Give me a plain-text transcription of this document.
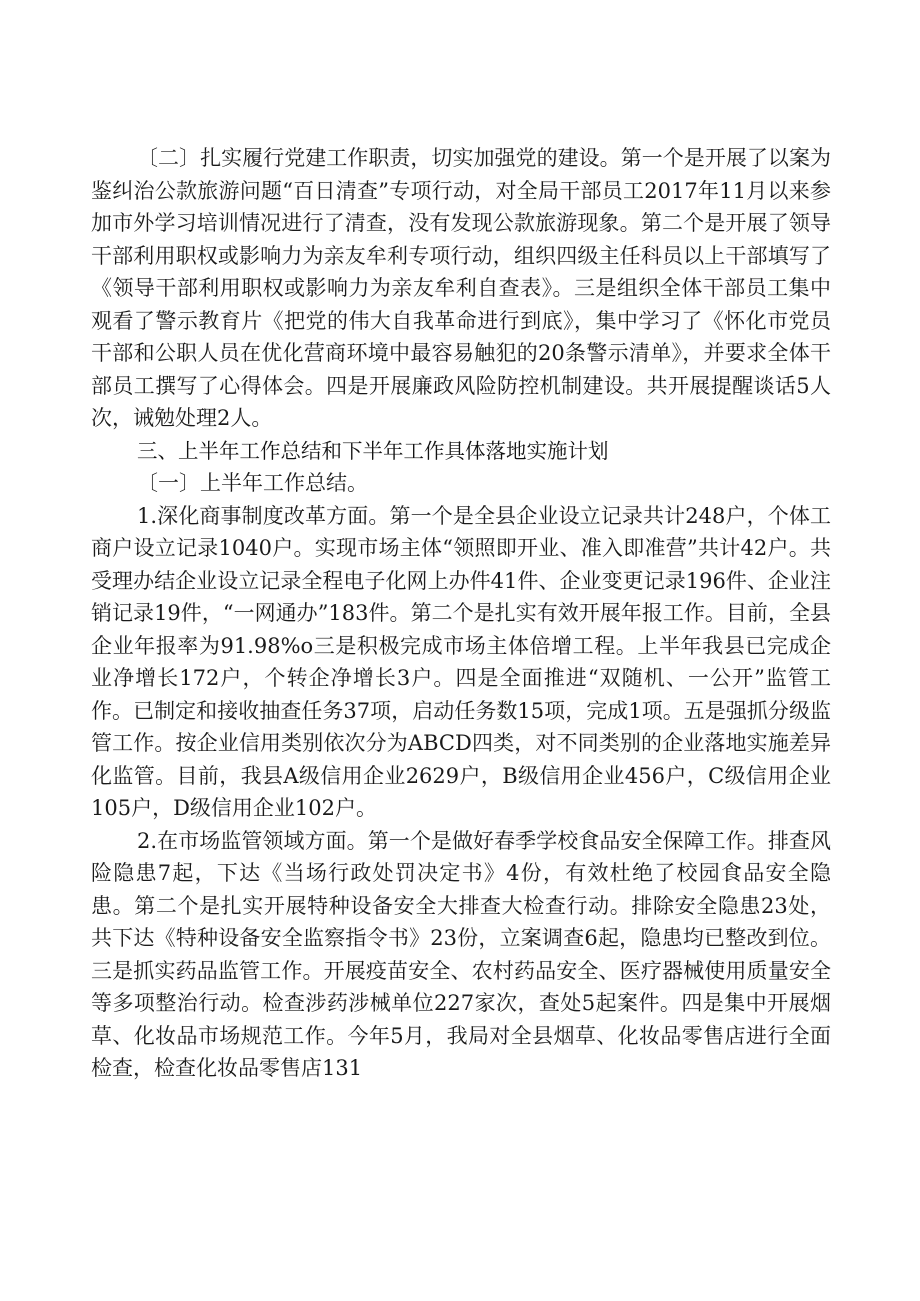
〔二〕扎实履行党建工作职责，切实加强党的建设。第一个是开展了以案为鉴纠治公款旅游问题“百日清查”专项行动，对全局干部员工2017年11月以来参加市外学习培训情况进行了清查，没有发现公款旅游现象。第二个是开展了领导干部利用职权或影响力为亲友牟利专项行动，组织四级主任科员以上干部填写了《领导干部利用职权或影响力为亲友牟利自查表》。三是组织全体干部员工集中观看了警示教育片《把党的伟大自我革命进行到底》，集中学习了《怀化市党员干部和公职人员在优化营商环境中最容易触犯的20条警示清单》，并要求全体干部员工撰写了心得体会。四是开展廉政风险防控机制建设。共开展提醒谈话5人次，诫勉处理2人。

三、上半年工作总结和下半年工作具体落地实施计划

〔一〕上半年工作总结。

1.深化商事制度改革方面。第一个是全县企业设立记录共计248户，个体工商户设立记录1040户。实现市场主体“领照即开业、准入即准营”共计42户。共受理办结企业设立记录全程电子化网上办件41件、企业变更记录196件、企业注销记录19件，“一网通办”183件。第二个是扎实有效开展年报工作。目前，全县企业年报率为91.98%o三是积极完成市场主体倍增工程。上半年我县已完成企业净增长172户，个转企净增长3户。四是全面推进“双随机、一公开”监管工作。已制定和接收抽查任务37项，启动任务数15项，完成1项。五是强抓分级监管工作。按企业信用类别依次分为ABCD四类，对不同类别的企业落地实施差异化监管。目前，我县A级信用企业2629户，B级信用企业456户，C级信用企业105户，D级信用企业102户。

2.在市场监管领域方面。第一个是做好春季学校食品安全保障工作。排查风险隐患7起，下达《当场行政处罚决定书》4份，有效杜绝了校园食品安全隐患。第二个是扎实开展特种设备安全大排查大检查行动。排除安全隐患23处，共下达《特种设备安全监察指令书》23份，立案调查6起，隐患均已整改到位。三是抓实药品监管工作。开展疫苗安全、农村药品安全、医疗器械使用质量安全等多项整治行动。检查涉药涉械单位227家次，查处5起案件。四是集中开展烟草、化妆品市场规范工作。今年5月，我局对全县烟草、化妆品零售店进行全面检查，检查化妆品零售店131
